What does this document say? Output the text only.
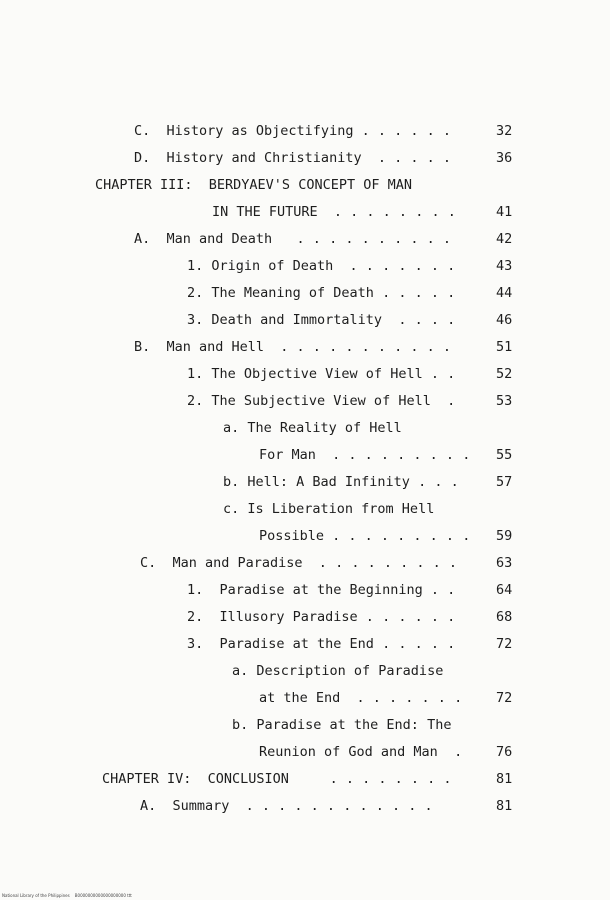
C.  History as Objectifying . . . . . .	32
D.  History and Christianity  . . . . .	36
CHAPTER III:  BERDYAEV'S CONCEPT OF MAN
IN THE FUTURE  . . . . . . . .	41
A.  Man and Death   . . . . . . . . . .	42
1. Origin of Death  . . . . . . .	43
2. The Meaning of Death . . . . .	44
3. Death and Immortality  . . . .	46
B.  Man and Hell  . . . . . . . . . . .	51
1. The Objective View of Hell . .	52
2. The Subjective View of Hell  .	53
a. The Reality of Hell
For Man  . . . . . . . . . 55
b. Hell: A Bad Infinity . . .	57
c. Is Liberation from Hell
Possible . . . . . . . . . 59
C.  Man and Paradise  . . . . . . . . .	63
1.  Paradise at the Beginning . .	64
2.  Illusory Paradise . . . . . .	68
3.  Paradise at the End . . . . .	72
a. Description of Paradise
at the End  . . . . . . .	72
b. Paradise at the End: The
Reunion of God and Man  .	76
CHAPTER IV:  CONCLUSION     . . . . . . . .	81
A.  Summary  . . . . . . . . . . . .	81
National Library of the Philippines    B0000000000000000000 ttt
